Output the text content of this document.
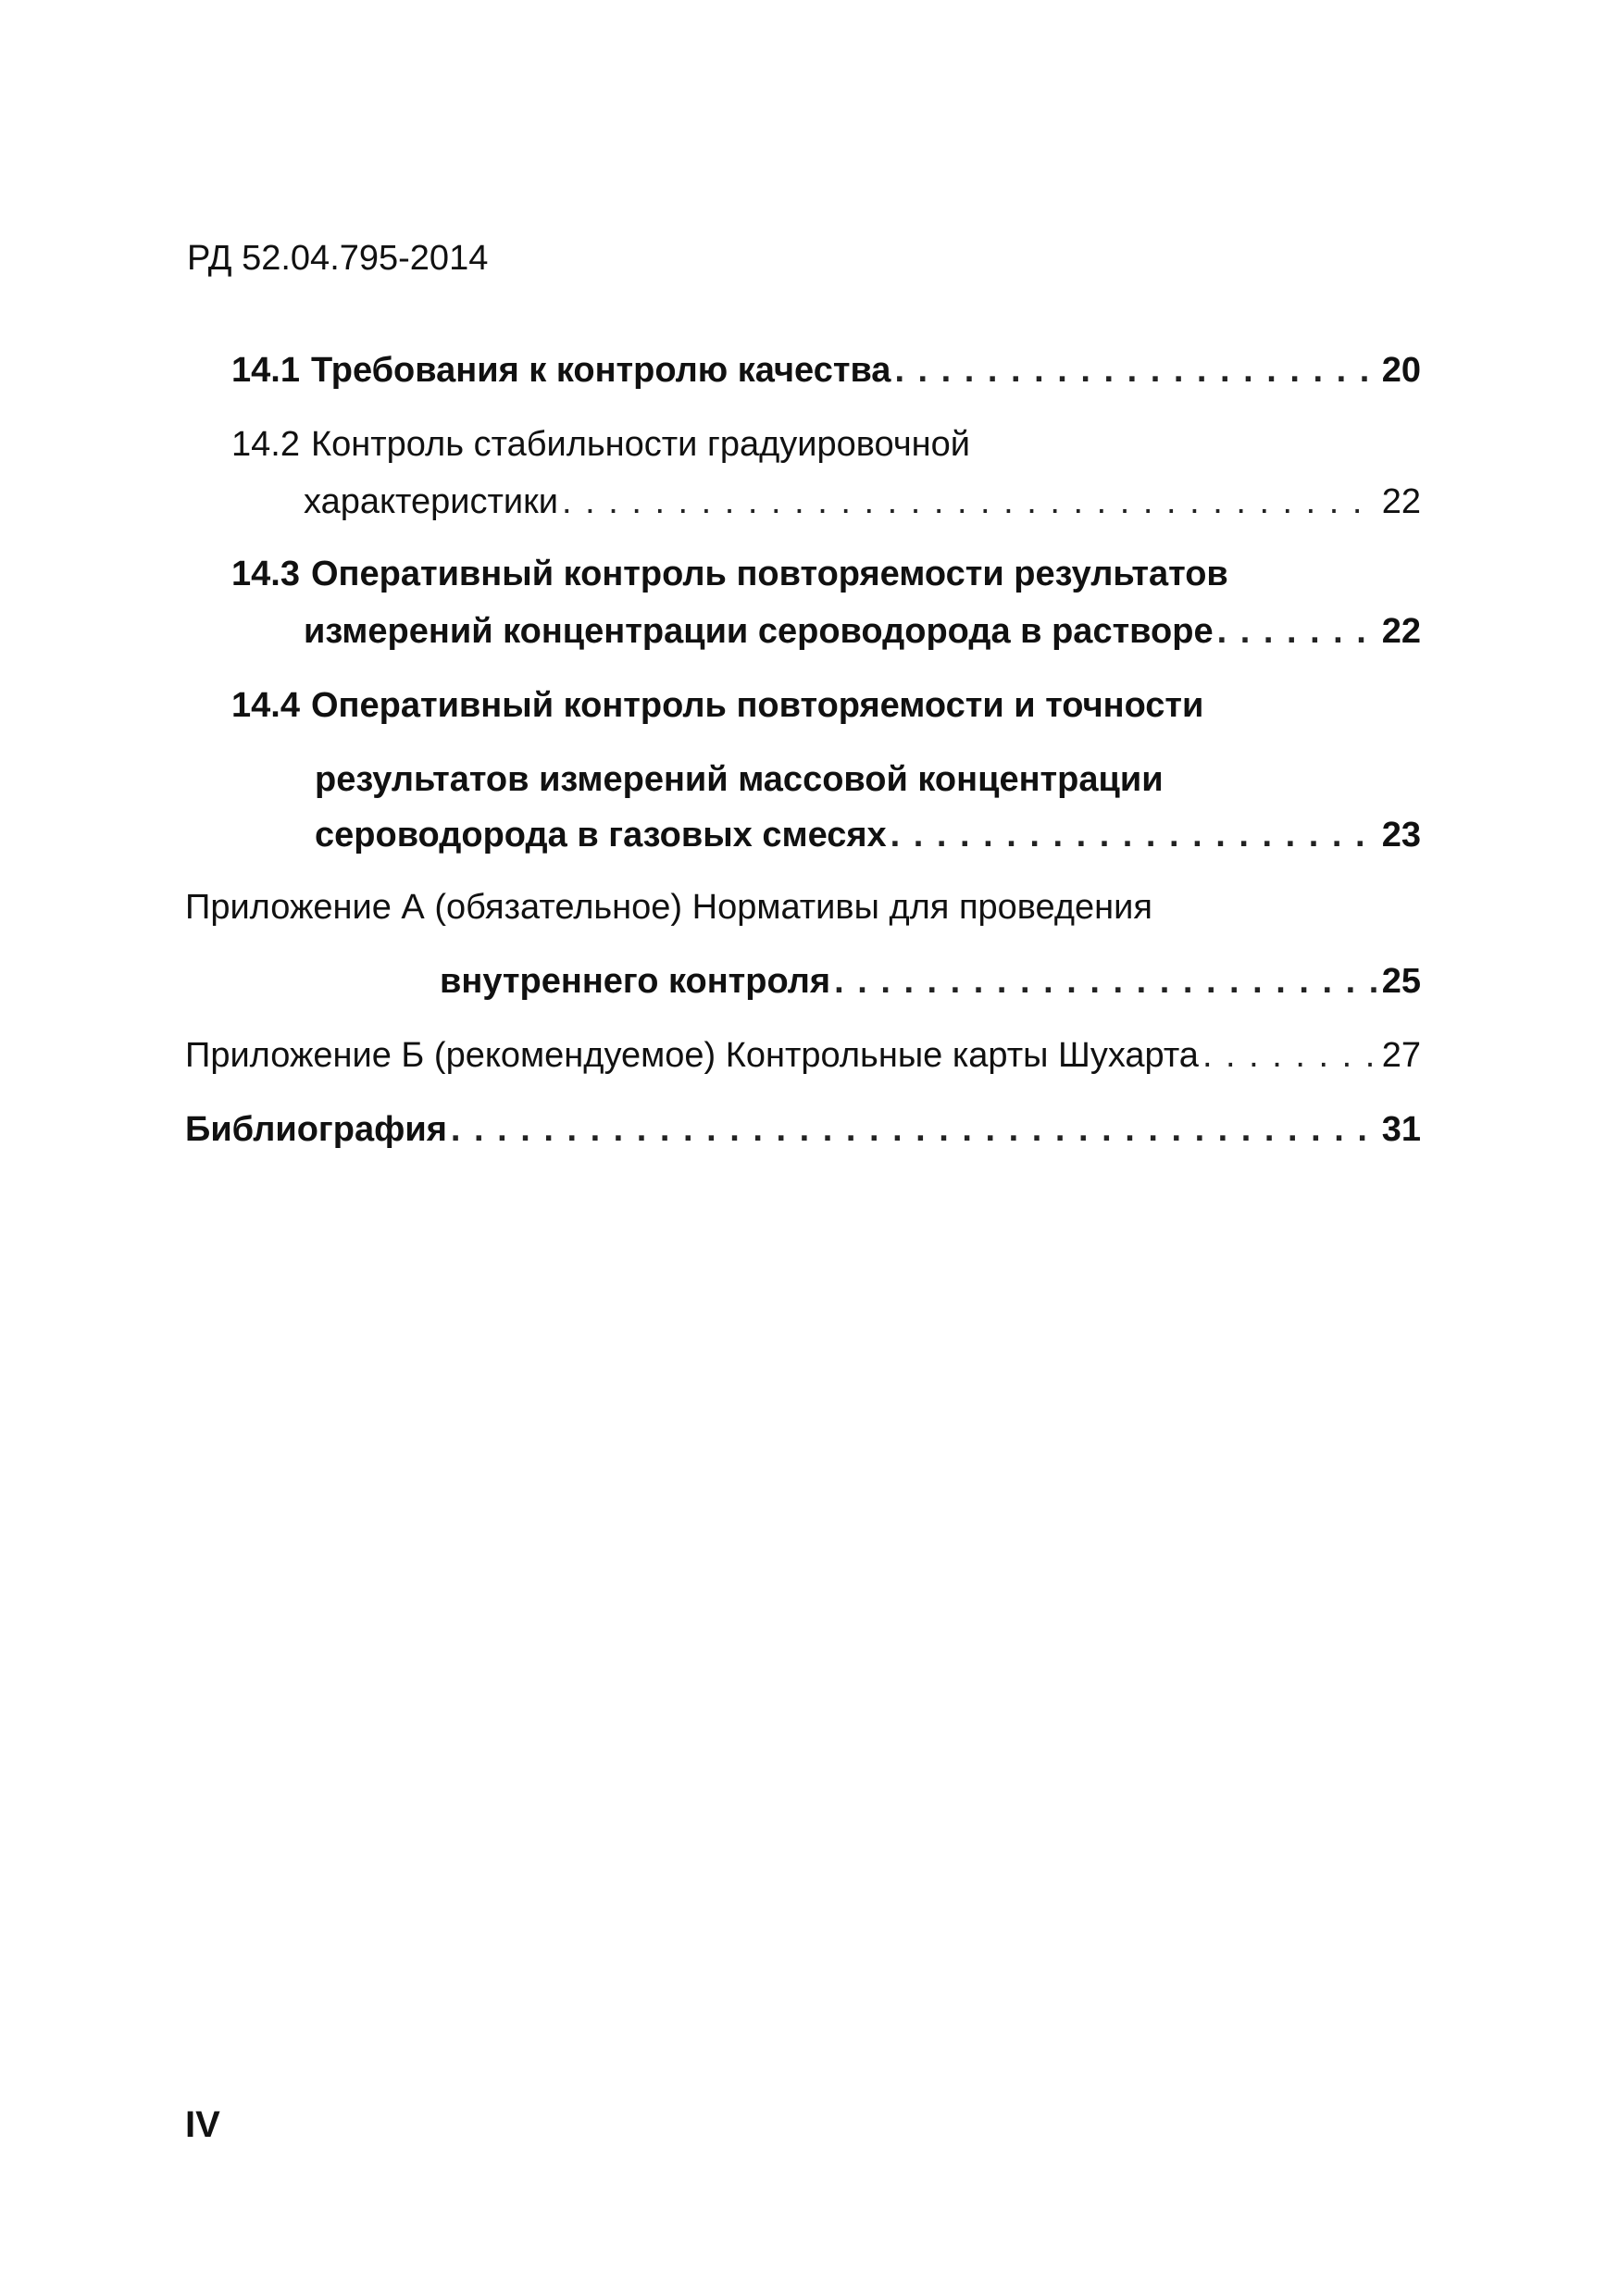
РД 52.04.795-2014
14.1 Требования к контролю качества . . .	20
14.2 Контроль стабильности градуировочной
характеристики . . .	22
14.3 Оперативный контроль повторяемости результатов
измерений концентрации сероводорода в растворе . . .	22
14.4 Оперативный контроль повторяемости и точности
результатов измерений массовой концентрации
сероводорода в газовых смесях . . .	23
Приложение А (обязательное) Нормативы для проведения
внутреннего контроля . . .	25
Приложение Б (рекомендуемое) Контрольные карты Шухарта . . .	27
Библиография . . .	31
IV
